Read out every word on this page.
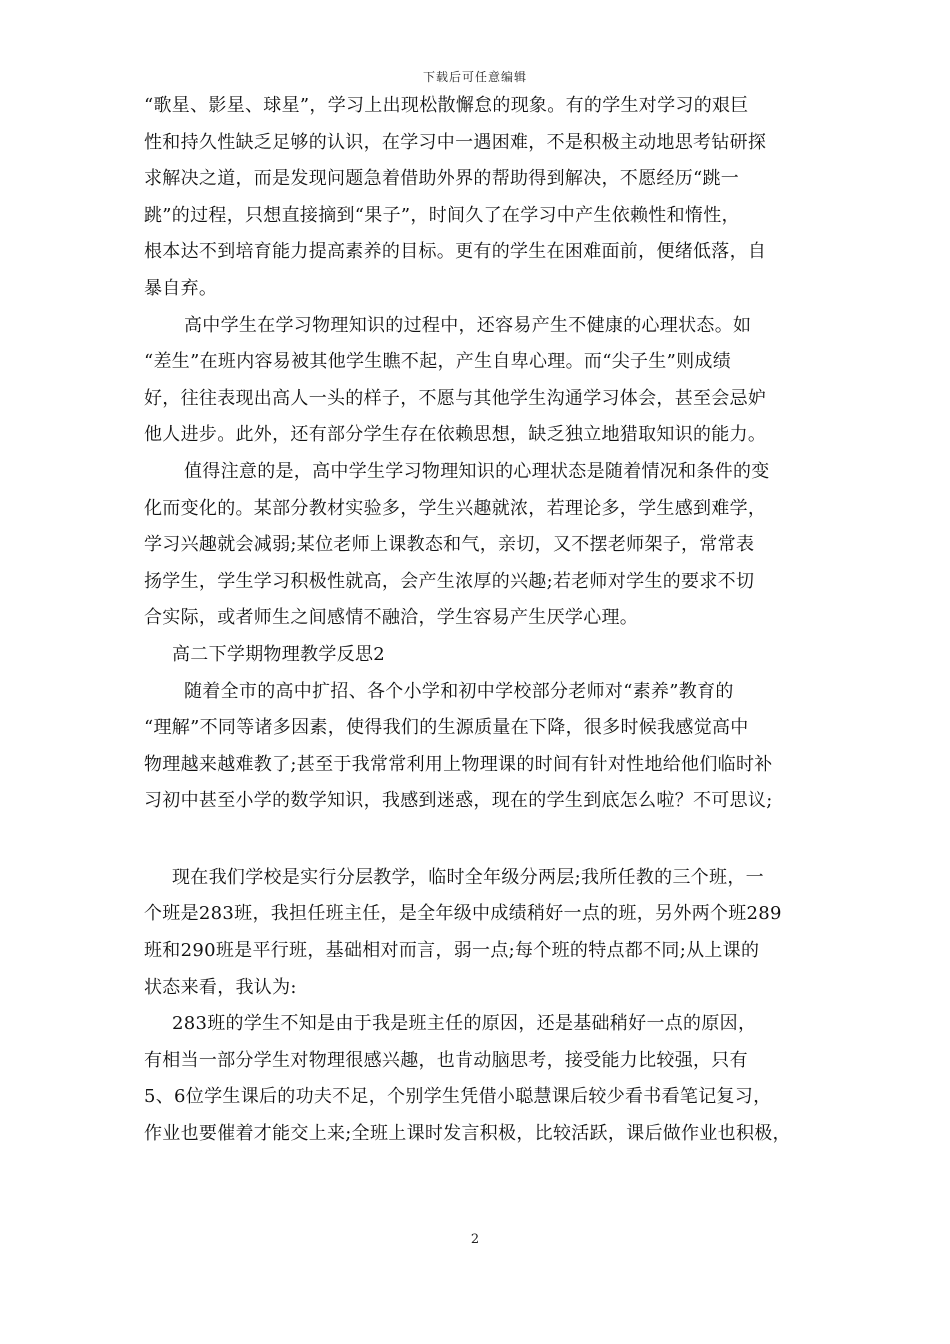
下载后可任意编辑

“歌星、影星、球星”，学习上出现松散懈怠的现象。有的学生对学习的艰巨

性和持久性缺乏足够的认识，在学习中一遇困难，不是积极主动地思考钻研探

求解决之道，而是发现问题急着借助外界的帮助得到解决，不愿经历“跳一

跳”的过程，只想直接摘到“果子”，时间久了在学习中产生依赖性和惰性，

根本达不到培育能力提高素养的目标。更有的学生在困难面前，便绪低落，自

暴自弃。

高中学生在学习物理知识的过程中，还容易产生不健康的心理状态。如

“差生”在班内容易被其他学生瞧不起，产生自卑心理。而“尖子生”则成绩

好，往往表现出高人一头的样子，不愿与其他学生沟通学习体会，甚至会忌妒

他人进步。此外，还有部分学生存在依赖思想，缺乏独立地猎取知识的能力。

值得注意的是，高中学生学习物理知识的心理状态是随着情况和条件的变

化而变化的。某部分教材实验多，学生兴趣就浓，若理论多，学生感到难学，

学习兴趣就会减弱;某位老师上课教态和气，亲切，又不摆老师架子，常常表

扬学生，学生学习积极性就高，会产生浓厚的兴趣;若老师对学生的要求不切

合实际，或者师生之间感情不融洽，学生容易产生厌学心理。

高二下学期物理教学反思2

随着全市的高中扩招、各个小学和初中学校部分老师对“素养”教育的

“理解”不同等诸多因素，使得我们的生源质量在下降，很多时候我感觉高中

物理越来越难教了;甚至于我常常利用上物理课的时间有针对性地给他们临时补

习初中甚至小学的数学知识，我感到迷惑，现在的学生到底怎么啦？不可思议;

现在我们学校是实行分层教学，临时全年级分两层;我所任教的三个班，一

个班是283班，我担任班主任，是全年级中成绩稍好一点的班，另外两个班289

班和290班是平行班，基础相对而言，弱一点;每个班的特点都不同;从上课的

状态来看，我认为:

283班的学生不知是由于我是班主任的原因，还是基础稍好一点的原因，

有相当一部分学生对物理很感兴趣，也肯动脑思考，接受能力比较强，只有

5、6位学生课后的功夫不足，个别学生凭借小聪慧课后较少看书看笔记复习，

作业也要催着才能交上来;全班上课时发言积极，比较活跃，课后做作业也积极，

2
